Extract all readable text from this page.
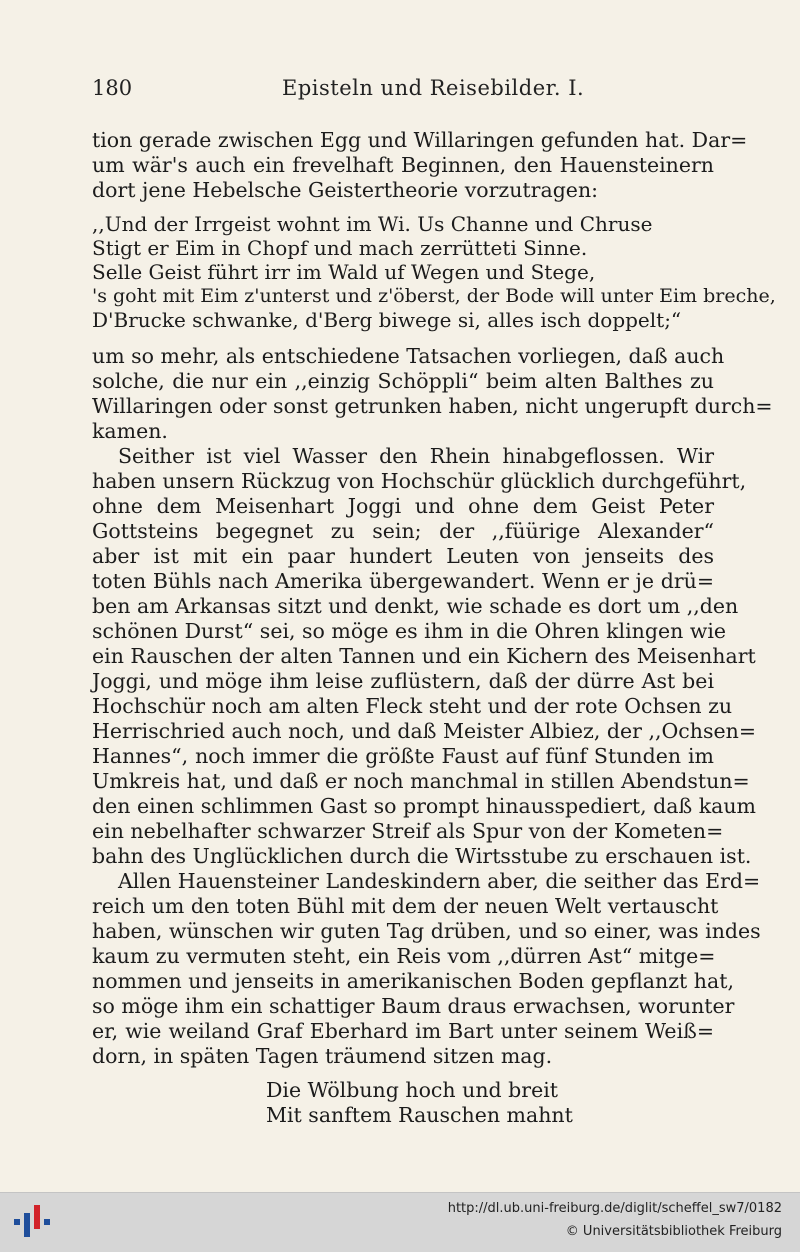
180	Episteln und Reisebilder. I.
tion gerade zwischen Egg und Willaringen gefunden hat. Dar=
um wär's auch ein frevelhaft Beginnen, den Hauensteinern
dort jene Hebelsche Geistertheorie vorzutragen:
,,Und der Irrgeist wohnt im Wi. Us Channe und Chruse
Stigt er Eim in Chopf und mach zerrütteti Sinne.
Selle Geist führt irr im Wald uf Wegen und Stege,
's goht mit Eim z'unterst und z'öberst, der Bode will unter Eim breche,
D'Brucke schwanke, d'Berg biwege si, alles isch doppelt;“
um so mehr, als entschiedene Tatsachen vorliegen, daß auch
solche, die nur ein ,,einzig Schöppli“ beim alten Balthes zu
Willaringen oder sonst getrunken haben, nicht ungerupft durch=
kamen.
Seither ist viel Wasser den Rhein hinabgeflossen. Wir
haben unsern Rückzug von Hochschür glücklich durchgeführt,
ohne dem Meisenhart Joggi und ohne dem Geist Peter
Gottsteins begegnet zu sein; der ,,füürige Alexander“
aber ist mit ein paar hundert Leuten von jenseits des
toten Bühls nach Amerika übergewandert. Wenn er je drü=
ben am Arkansas sitzt und denkt, wie schade es dort um ,,den
schönen Durst“ sei, so möge es ihm in die Ohren klingen wie
ein Rauschen der alten Tannen und ein Kichern des Meisenhart
Joggi, und möge ihm leise zuflüstern, daß der dürre Ast bei
Hochschür noch am alten Fleck steht und der rote Ochsen zu
Herrischried auch noch, und daß Meister Albiez, der ,,Ochsen=
Hannes“, noch immer die größte Faust auf fünf Stunden im
Umkreis hat, und daß er noch manchmal in stillen Abendstun=
den einen schlimmen Gast so prompt hinausspediert, daß kaum
ein nebelhafter schwarzer Streif als Spur von der Kometen=
bahn des Unglücklichen durch die Wirtsstube zu erschauen ist.
Allen Hauensteiner Landeskindern aber, die seither das Erd=
reich um den toten Bühl mit dem der neuen Welt vertauscht
haben, wünschen wir guten Tag drüben, und so einer, was indes
kaum zu vermuten steht, ein Reis vom ,,dürren Ast“ mitge=
nommen und jenseits in amerikanischen Boden gepflanzt hat,
so möge ihm ein schattiger Baum draus erwachsen, worunter
er, wie weiland Graf Eberhard im Bart unter seinem Weiß=
dorn, in späten Tagen träumend sitzen mag.
Die Wölbung hoch und breit
Mit sanftem Rauschen mahnt
http://dl.ub.uni-freiburg.de/diglit/scheffel_sw7/0182
© Universitätsbibliothek Freiburg
